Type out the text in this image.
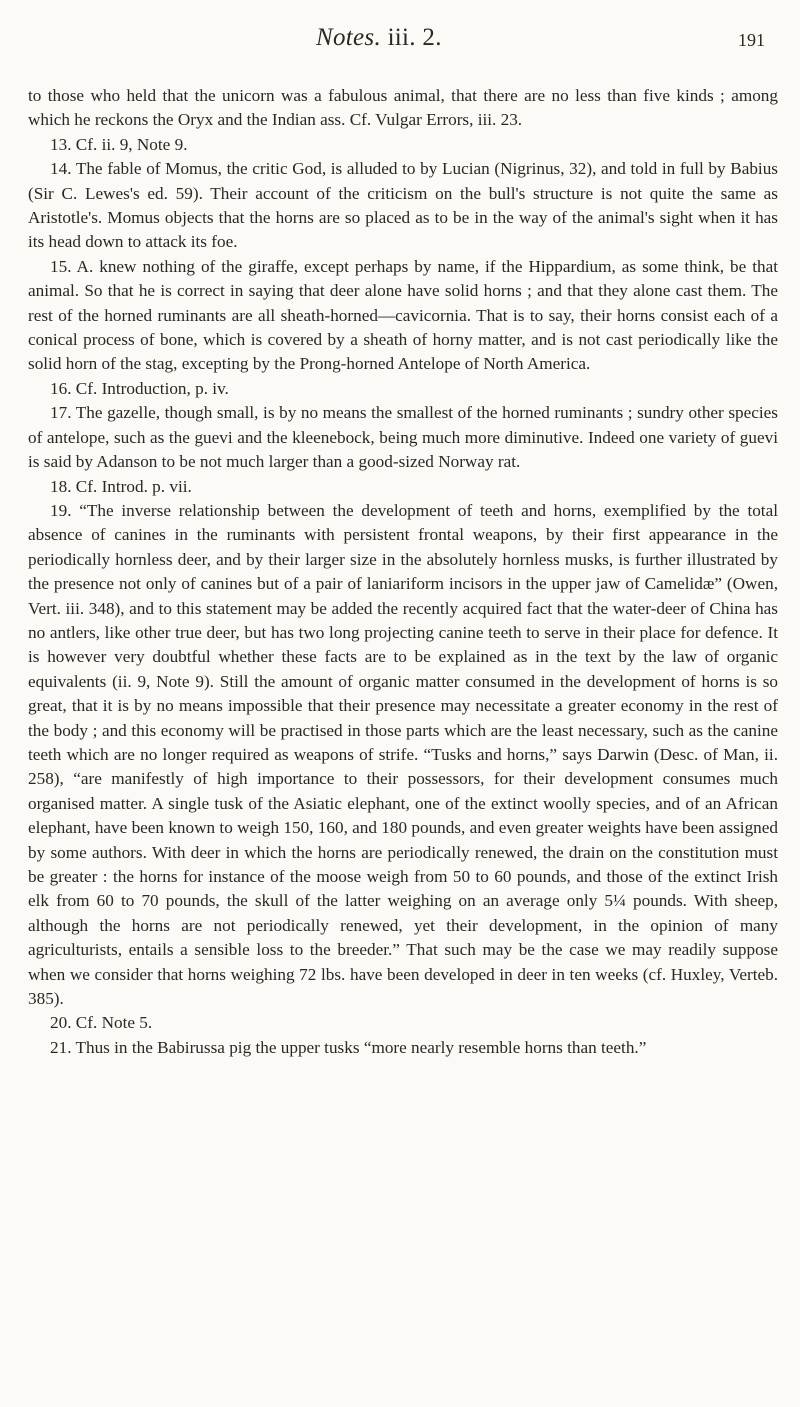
Notes. iii. 2.	191

to those who held that the unicorn was a fabulous animal, that there are no less than five kinds ; among which he reckons the Oryx and the Indian ass. Cf. Vulgar Errors, iii. 23.

13. Cf. ii. 9, Note 9.

14. The fable of Momus, the critic God, is alluded to by Lucian (Nigrinus, 32), and told in full by Babius (Sir C. Lewes's ed. 59). Their account of the criticism on the bull's structure is not quite the same as Aristotle's. Momus objects that the horns are so placed as to be in the way of the animal's sight when it has its head down to attack its foe.

15. A. knew nothing of the giraffe, except perhaps by name, if the Hippardium, as some think, be that animal. So that he is correct in saying that deer alone have solid horns ; and that they alone cast them. The rest of the horned ruminants are all sheath-horned—cavicornia. That is to say, their horns consist each of a conical process of bone, which is covered by a sheath of horny matter, and is not cast periodically like the solid horn of the stag, excepting by the Prong-horned Antelope of North America.

16. Cf. Introduction, p. iv.

17. The gazelle, though small, is by no means the smallest of the horned ruminants ; sundry other species of antelope, such as the guevi and the kleenebock, being much more diminutive. Indeed one variety of guevi is said by Adanson to be not much larger than a good-sized Norway rat.

18. Cf. Introd. p. vii.

19. “The inverse relationship between the development of teeth and horns, exemplified by the total absence of canines in the ruminants with persistent frontal weapons, by their first appearance in the periodically hornless deer, and by their larger size in the absolutely hornless musks, is further illustrated by the presence not only of canines but of a pair of laniariform incisors in the upper jaw of Camelidæ” (Owen, Vert. iii. 348), and to this statement may be added the recently acquired fact that the water-deer of China has no antlers, like other true deer, but has two long projecting canine teeth to serve in their place for defence. It is however very doubtful whether these facts are to be explained as in the text by the law of organic equivalents (ii. 9, Note 9). Still the amount of organic matter consumed in the development of horns is so great, that it is by no means impossible that their presence may necessitate a greater economy in the rest of the body ; and this economy will be practised in those parts which are the least necessary, such as the canine teeth which are no longer required as weapons of strife. “Tusks and horns,” says Darwin (Desc. of Man, ii. 258), “are manifestly of high importance to their possessors, for their development consumes much organised matter. A single tusk of the Asiatic elephant, one of the extinct woolly species, and of an African elephant, have been known to weigh 150, 160, and 180 pounds, and even greater weights have been assigned by some authors. With deer in which the horns are periodically renewed, the drain on the constitution must be greater : the horns for instance of the moose weigh from 50 to 60 pounds, and those of the extinct Irish elk from 60 to 70 pounds, the skull of the latter weighing on an average only 5¼ pounds. With sheep, although the horns are not periodically renewed, yet their development, in the opinion of many agriculturists, entails a sensible loss to the breeder.” That such may be the case we may readily suppose when we consider that horns weighing 72 lbs. have been developed in deer in ten weeks (cf. Huxley, Verteb. 385).

20. Cf. Note 5.

21. Thus in the Babirussa pig the upper tusks “more nearly resemble horns than teeth.”
